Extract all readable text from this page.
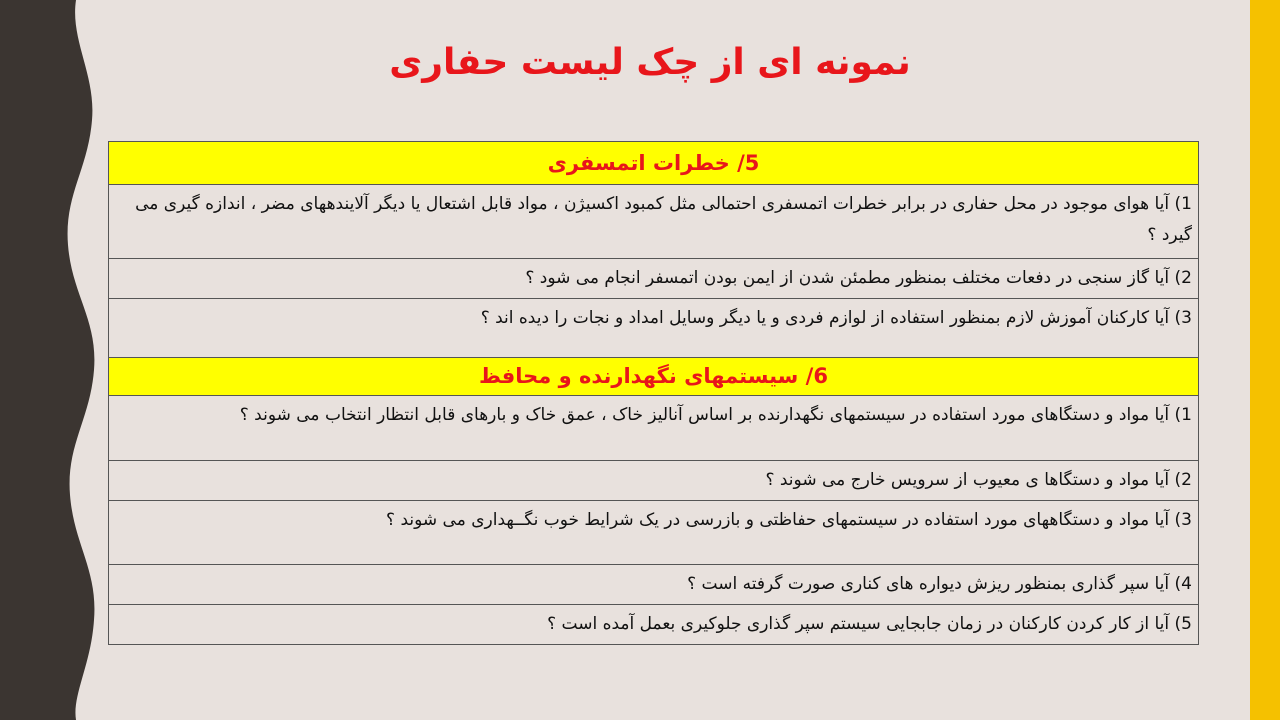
نمونه ای از چک لیست حفاری
5/ خطرات اتمسفری
1) آیا هوای موجود در محل حفاری در برابر خطرات اتمسفری احتمالی مثل کمبود اکسیژن ، مواد قابل اشتعال یا دیگر آلایندههای مضر ، اندازه گیری می گیرد ؟
2) آیا گاز سنجی در دفعات مختلف بمنظور مطمئن شدن از ایمن بودن اتمسفر انجام می شود ؟
3) آیا کارکنان آموزش لازم بمنظور استفاده از لوازم فردی و یا دیگر وسایل امداد و نجات را دیده اند ؟
6/ سیستمهای نگهدارنده و محافظ
1) آیا مواد و دستگاهای مورد استفاده در سیستمهای نگهدارنده بر اساس آنالیز خاک ، عمق خاک و بارهای قابل انتظار انتخاب می شوند ؟
2) آیا مواد و دستگاها ی معیوب از سرویس خارج می شوند ؟
3) آیا مواد و دستگاههای مورد استفاده در سیستمهای حفاظتی و بازرسی در یک شرایط خوب نگــهداری می شوند ؟
4) آیا سپر گذاری بمنظور ریزش دیواره های کناری صورت گرفته است ؟
5) آیا از کار کردن کارکنان در زمان جابجایی سیستم سپر گذاری جلوکیری بعمل آمده است ؟
